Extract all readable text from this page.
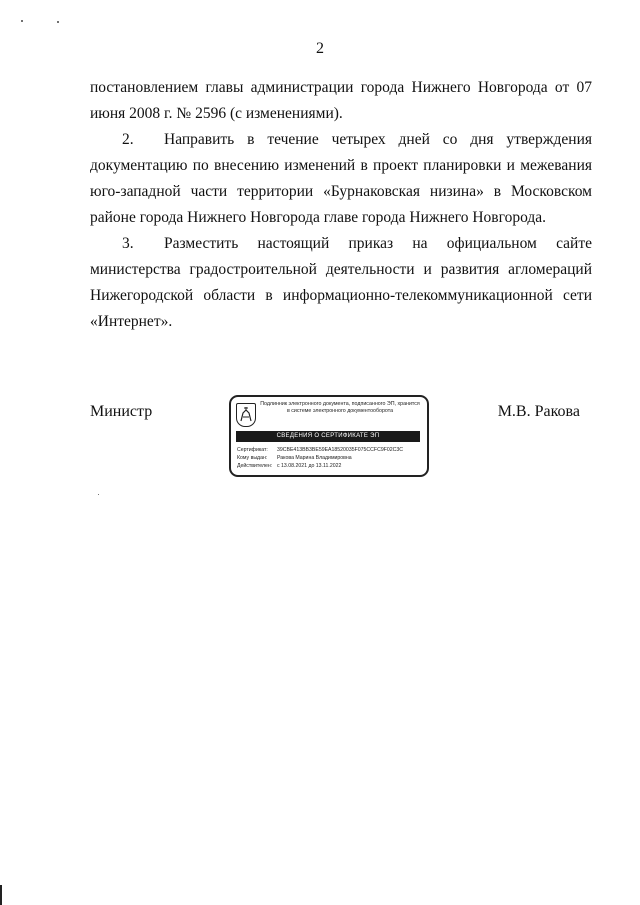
2

постановлением главы администрации города Нижнего Новгорода от 07 июня 2008 г. № 2596 (с изменениями).

2. Направить в течение четырех дней со дня утверждения документацию по внесению изменений в проект планировки и межевания юго-западной части территории «Бурнаковская низина» в Московском районе города Нижнего Новгорода главе города Нижнего Новгорода.

3. Разместить настоящий приказ на официальном сайте министерства градостроительной деятельности и развития агломераций Нижегородской области в информационно-телекоммуникационной сети «Интернет».

Министр	М.В. Ракова
Подлинник электронного документа, подписанного ЭП, хранится в системе электронного документооборота
СВЕДЕНИЯ О СЕРТИФИКАТЕ ЭП
Сертификат: 39CBE413BB3BE59EA18520035F075CCFC9F02C3C
Кому выдан: Ракова Марина Владимировна
Действителен: с 13.08.2021 до 13.11.2022
